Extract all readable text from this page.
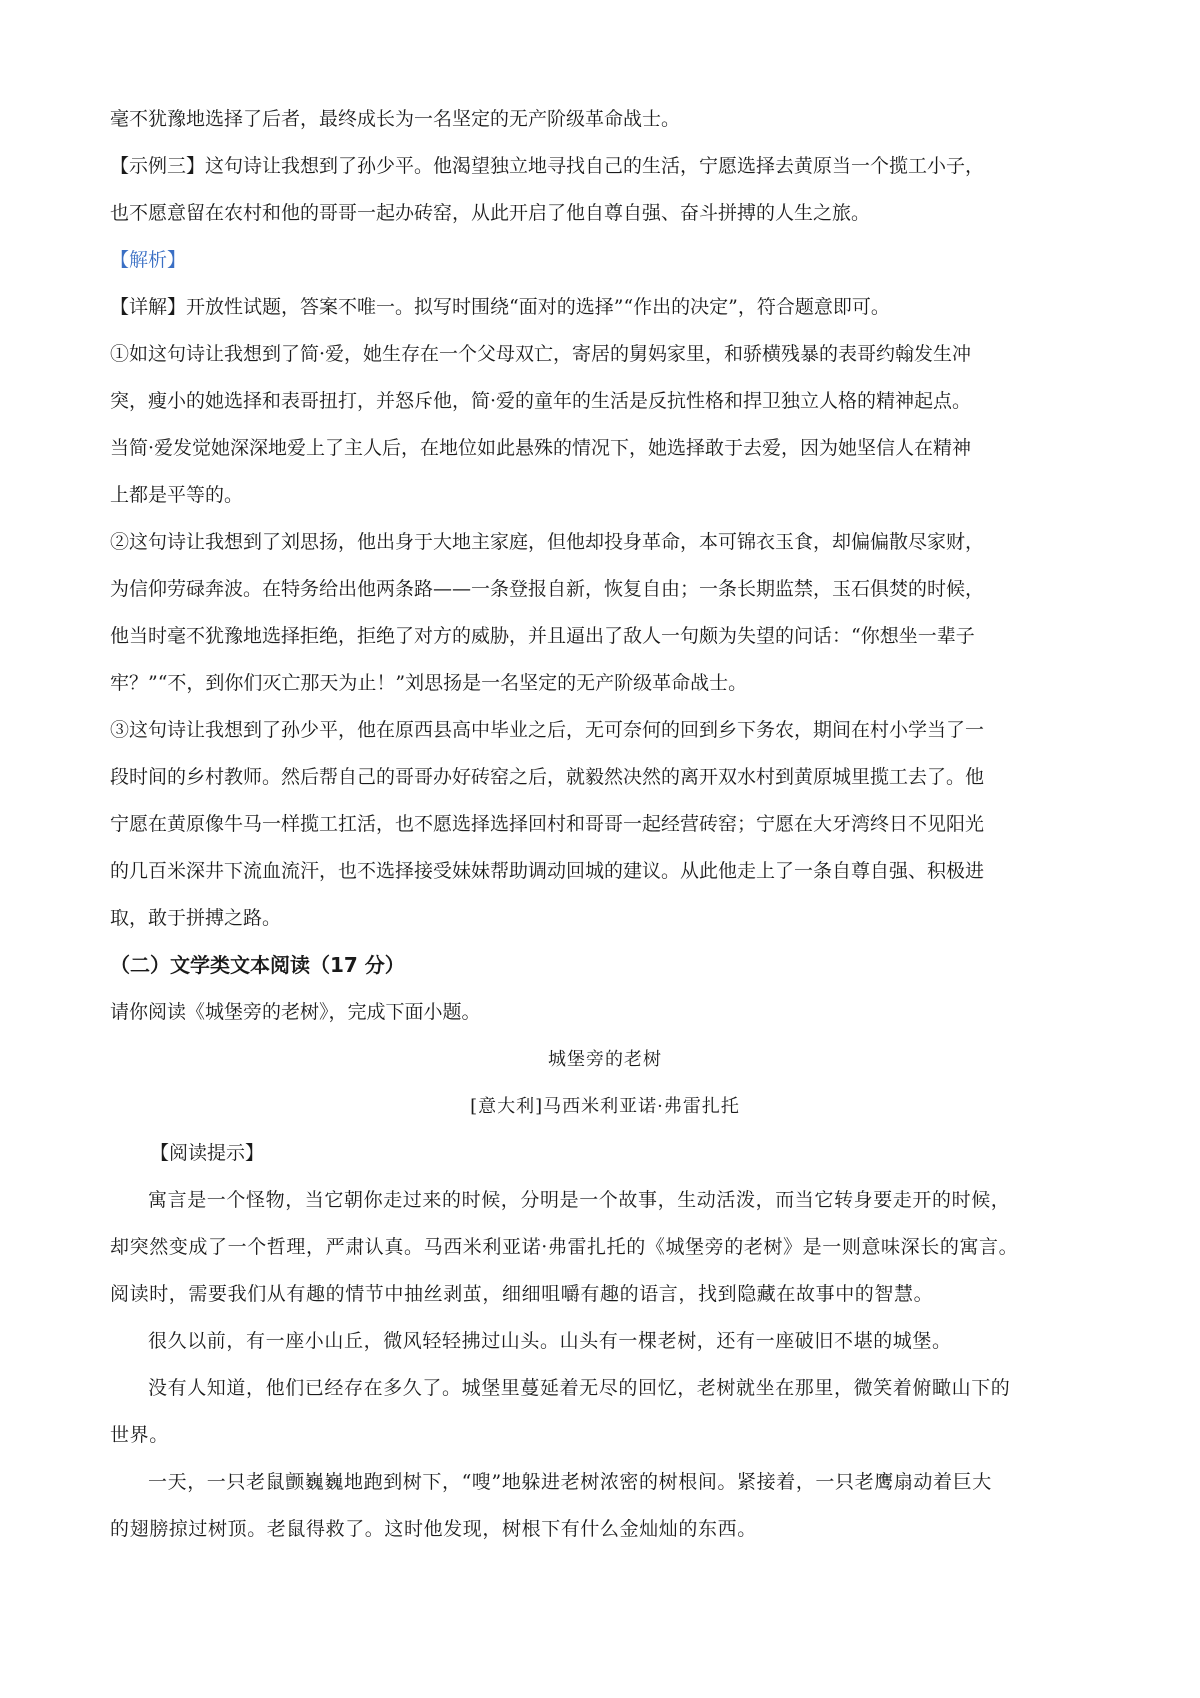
毫不犹豫地选择了后者，最终成长为一名坚定的无产阶级革命战士。

【示例三】这句诗让我想到了孙少平。他渴望独立地寻找自己的生活，宁愿选择去黄原当一个揽工小子，

也不愿意留在农村和他的哥哥一起办砖窑，从此开启了他自尊自强、奋斗拼搏的人生之旅。

【解析】

【详解】开放性试题，答案不唯一。拟写时围绕“面对的选择”“作出的决定”，符合题意即可。

①如这句诗让我想到了简·爱，她生存在一个父母双亡，寄居的舅妈家里，和骄横残暴的表哥约翰发生冲

突，瘦小的她选择和表哥扭打，并怒斥他，简·爱的童年的生活是反抗性格和捍卫独立人格的精神起点。

当简·爱发觉她深深地爱上了主人后，在地位如此悬殊的情况下，她选择敢于去爱，因为她坚信人在精神

上都是平等的。

②这句诗让我想到了刘思扬，他出身于大地主家庭，但他却投身革命，本可锦衣玉食，却偏偏散尽家财，

为信仰劳碌奔波。在特务给出他两条路——一条登报自新，恢复自由；一条长期监禁，玉石俱焚的时候，

他当时毫不犹豫地选择拒绝，拒绝了对方的威胁，并且逼出了敌人一句颇为失望的问话：“你想坐一辈子

牢？”“不，到你们灭亡那天为止！”刘思扬是一名坚定的无产阶级革命战士。

③这句诗让我想到了孙少平，他在原西县高中毕业之后，无可奈何的回到乡下务农，期间在村小学当了一

段时间的乡村教师。然后帮自己的哥哥办好砖窑之后，就毅然决然的离开双水村到黄原城里揽工去了。他

宁愿在黄原像牛马一样揽工扛活，也不愿选择选择回村和哥哥一起经营砖窑；宁愿在大牙湾终日不见阳光

的几百米深井下流血流汗，也不选择接受妹妹帮助调动回城的建议。从此他走上了一条自尊自强、积极进

取，敢于拼搏之路。

（二）文学类文本阅读（17 分）

请你阅读《城堡旁的老树》，完成下面小题。

城堡旁的老树

[意大利]马西米利亚诺·弗雷扎托

【阅读提示】

寓言是一个怪物，当它朝你走过来的时候，分明是一个故事，生动活泼，而当它转身要走开的时候，

却突然变成了一个哲理，严肃认真。马西米利亚诺·弗雷扎托的《城堡旁的老树》是一则意味深长的寓言。

阅读时，需要我们从有趣的情节中抽丝剥茧，细细咀嚼有趣的语言，找到隐藏在故事中的智慧。

很久以前，有一座小山丘，微风轻轻拂过山头。山头有一棵老树，还有一座破旧不堪的城堡。

没有人知道，他们已经存在多久了。城堡里蔓延着无尽的回忆，老树就坐在那里，微笑着俯瞰山下的

世界。

一天，一只老鼠颤巍巍地跑到树下，“嗖”地躲进老树浓密的树根间。紧接着，一只老鹰扇动着巨大

的翅膀掠过树顶。老鼠得救了。这时他发现，树根下有什么金灿灿的东西。
